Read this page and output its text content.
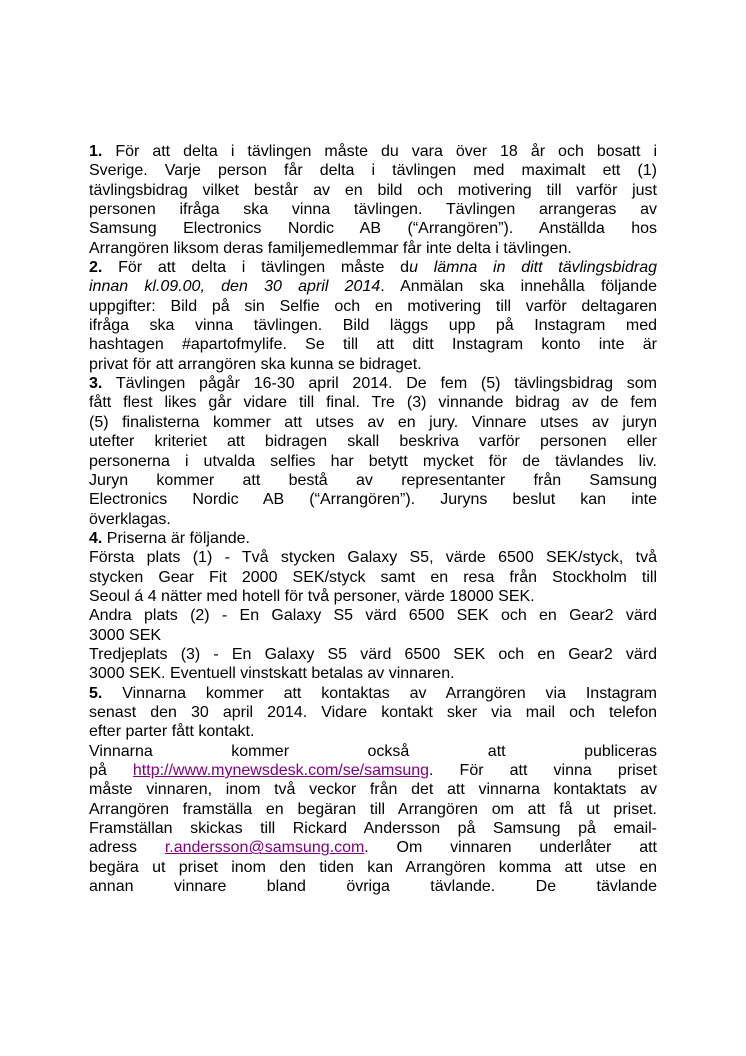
1. För att delta i tävlingen måste du vara över 18 år och bosatt i
Sverige. Varje person får delta i tävlingen med maximalt ett (1)
tävlingsbidrag vilket består av en bild och motivering till varför just
personen ifråga ska vinna tävlingen. Tävlingen arrangeras av
Samsung Electronics Nordic AB (“Arrangören”). Anställda hos
Arrangören liksom deras familjemedlemmar får inte delta i tävlingen.
2. För att delta i tävlingen måste du lämna in ditt tävlingsbidrag
innan kl.09.00, den 30 april 2014. Anmälan ska innehålla följande
uppgifter: Bild på sin Selfie och en motivering till varför deltagaren
ifråga ska vinna tävlingen. Bild läggs upp på Instagram med
hashtagen #apartofmylife. Se till att ditt Instagram konto inte är
privat för att arrangören ska kunna se bidraget.
3. Tävlingen pågår 16-30 april 2014. De fem (5) tävlingsbidrag som
fått flest likes går vidare till final. Tre (3) vinnande bidrag av de fem
(5) finalisterna kommer att utses av en jury. Vinnare utses av juryn
utefter kriteriet att bidragen skall beskriva varför personen eller
personerna i utvalda selfies har betytt mycket för de tävlandes liv.
Juryn kommer att bestå av representanter från Samsung
Electronics Nordic AB (“Arrangören”). Juryns beslut kan inte
överklagas.
4. Priserna är följande.
Första plats (1) - Två stycken Galaxy S5, värde 6500 SEK/styck, två
stycken Gear Fit 2000 SEK/styck samt en resa från Stockholm till
Seoul á 4 nätter med hotell för två personer, värde 18000 SEK.
Andra plats (2) - En Galaxy S5 värd 6500 SEK och en Gear2 värd
3000 SEK
Tredjeplats (3) - En Galaxy S5 värd 6500 SEK och en Gear2 värd
3000 SEK. Eventuell vinstskatt betalas av vinnaren.
5. Vinnarna kommer att kontaktas av Arrangören via Instagram
senast den 30 april 2014. Vidare kontakt sker via mail och telefon
efter parter fått kontakt.
Vinnarna kommer också att publiceras
på http://www.mynewsdesk.com/se/samsung. För att vinna priset
måste vinnaren, inom två veckor från det att vinnarna kontaktats av
Arrangören framställa en begäran till Arrangören om att få ut priset.
Framställan skickas till Rickard Andersson på Samsung på email-
adress r.andersson@samsung.com. Om vinnaren underlåter att
begära ut priset inom den tiden kan Arrangören komma att utse en
annan vinnare bland övriga tävlande. De tävlande
